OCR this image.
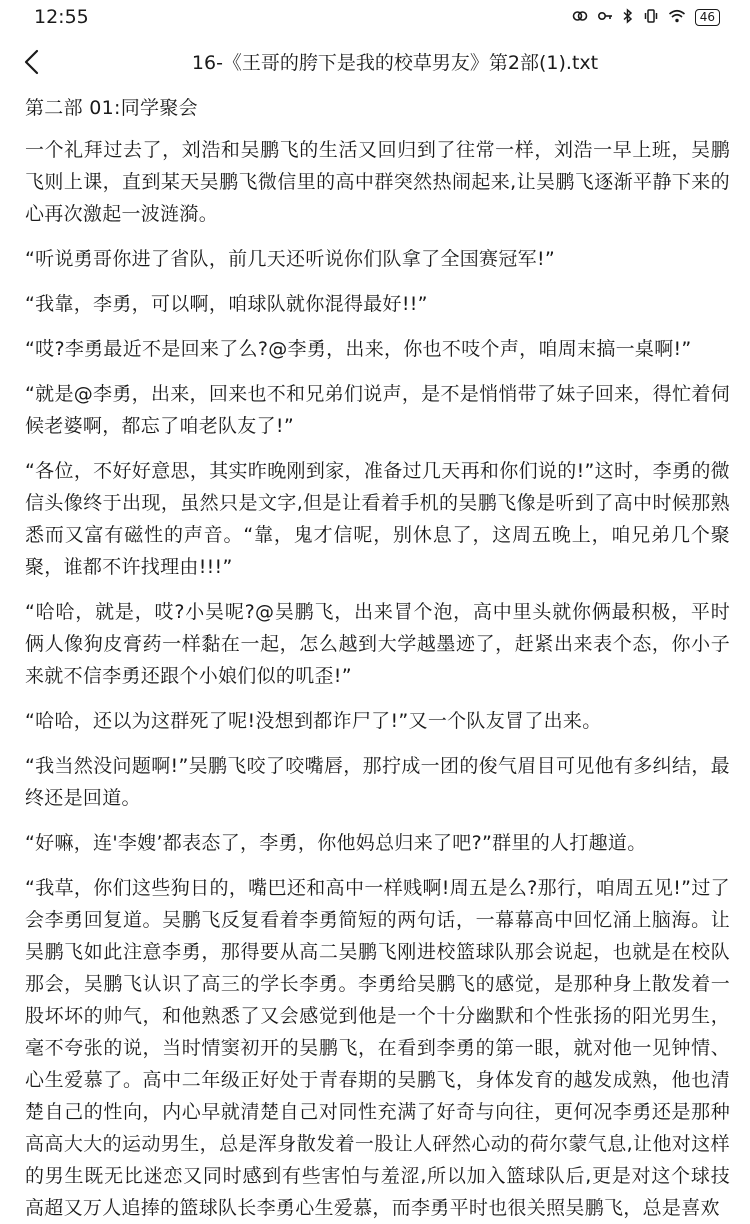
12:55	46
16-《王哥的胯下是我的校草男友》第2部(1).txt

第二部 01:同学聚会

一个礼拜过去了，刘浩和吴鹏飞的生活又回归到了往常一样，刘浩一早上班，吴鹏飞则上课，直到某天吴鹏飞微信里的高中群突然热闹起来,让吴鹏飞逐渐平静下来的心再次激起一波涟漪。

“听说勇哥你进了省队，前几天还听说你们队拿了全国赛冠军!”

“我靠，李勇，可以啊，咱球队就你混得最好!!”

“哎?李勇最近不是回来了么?@李勇，出来，你也不吱个声，咱周末搞一桌啊!”

“就是@李勇，出来，回来也不和兄弟们说声，是不是悄悄带了妹子回来，得忙着伺候老婆啊，都忘了咱老队友了!”

“各位，不好好意思，其实昨晚刚到家，准备过几天再和你们说的!”这时，李勇的微信头像终于出现，虽然只是文字,但是让看着手机的吴鹏飞像是听到了高中时候那熟悉而又富有磁性的声音。“靠，鬼才信呢，别休息了，这周五晚上，咱兄弟几个聚聚，谁都不许找理由!!!”

“哈哈，就是，哎?小吴呢?@吴鹏飞，出来冒个泡，高中里头就你俩最积极，平时俩人像狗皮膏药一样黏在一起，怎么越到大学越墨迹了，赶紧出来表个态，你小子来就不信李勇还跟个小娘们似的叽歪!”

“哈哈，还以为这群死了呢!没想到都诈尸了!”又一个队友冒了出来。

“我当然没问题啊!”吴鹏飞咬了咬嘴唇，那拧成一团的俊气眉目可见他有多纠结，最终还是回道。

“好嘛，连'李嫂’都表态了，李勇，你他妈总归来了吧?”群里的人打趣道。

“我草，你们这些狗日的，嘴巴还和高中一样贱啊!周五是么?那行，咱周五见!”过了会李勇回复道。吴鹏飞反复看着李勇简短的两句话，一幕幕高中回忆涌上脑海。让吴鹏飞如此注意李勇，那得要从高二吴鹏飞刚进校篮球队那会说起，也就是在校队那会，吴鹏飞认识了高三的学长李勇。李勇给吴鹏飞的感觉，是那种身上散发着一股坏坏的帅气，和他熟悉了又会感觉到他是一个十分幽默和个性张扬的阳光男生，毫不夸张的说，当时情窦初开的吴鹏飞，在看到李勇的第一眼，就对他一见钟情、心生爱慕了。高中二年级正好处于青春期的吴鹏飞，身体发育的越发成熟，他也清楚自己的性向，内心早就清楚自己对同性充满了好奇与向往，更何况李勇还是那种高高大大的运动男生，总是浑身散发着一股让人砰然心动的荷尔蒙气息,让他对这样的男生既无比迷恋又同时感到有些害怕与羞涩,所以加入篮球队后,更是对这个球技高超又万人追捧的篮球队长李勇心生爱慕，而李勇平时也很关照吴鹏飞，总是喜欢
